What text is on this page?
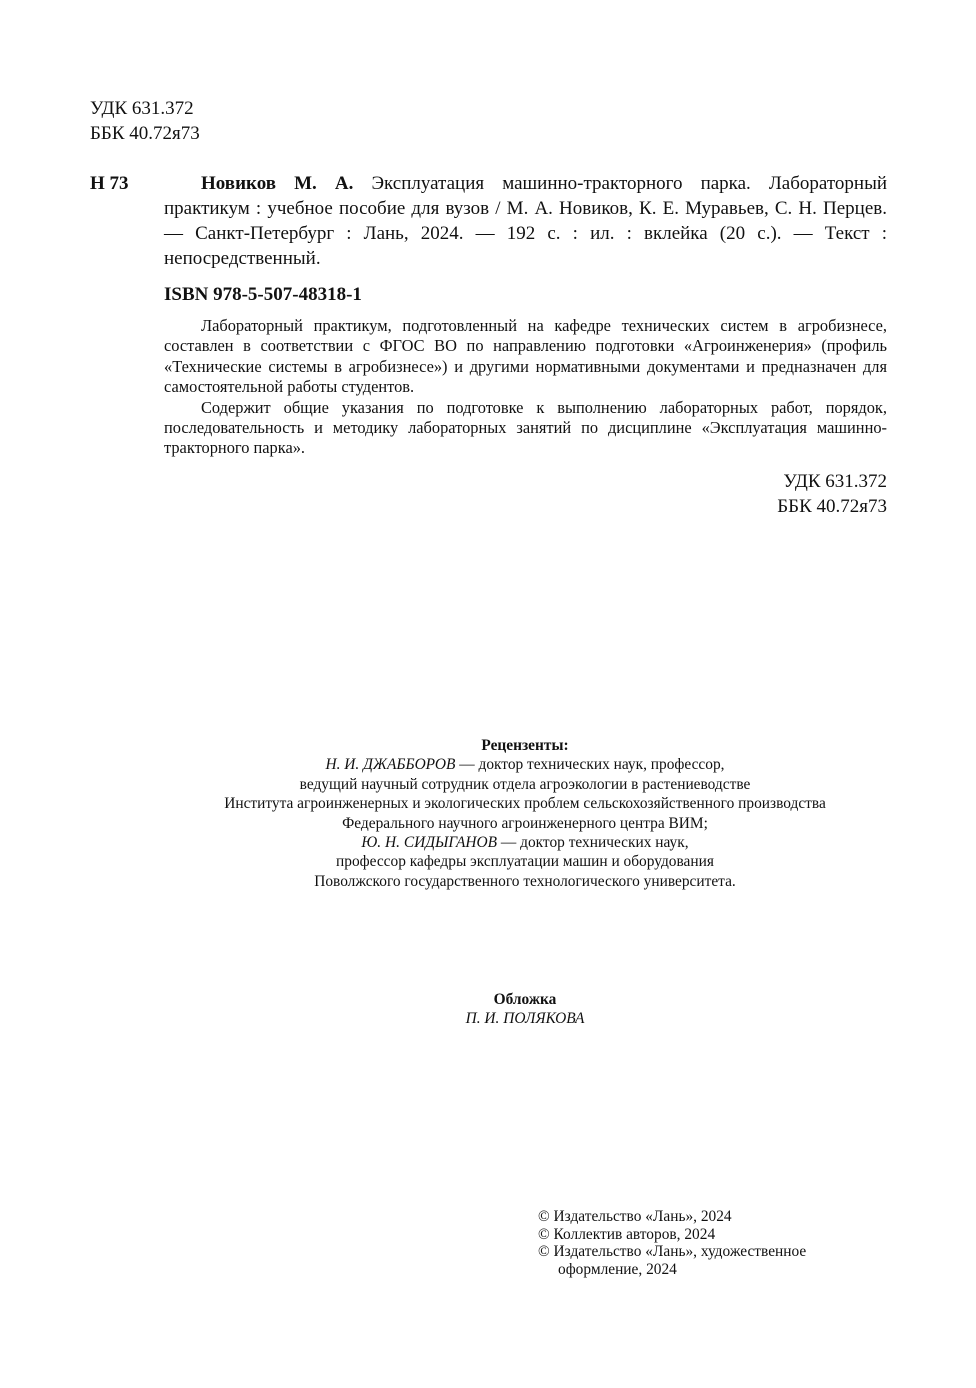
УДК 631.372
ББК 40.72я73
Н 73	Новиков М. А. Эксплуатация машинно-тракторного парка. Лабораторный практикум : учебное пособие для вузов / М. А. Новиков, К. Е. Муравьев, С. Н. Перцев. — Санкт-Петербург : Лань, 2024. — 192 с. : ил. : вклейка (20 с.). — Текст : непосредственный.

ISBN 978-5-507-48318-1

Лабораторный практикум, подготовленный на кафедре технических систем в агробизнесе, составлен в соответствии с ФГОС ВО по направлению подготовки «Агроинженерия» (профиль «Технические системы в агробизнесе») и другими нормативными документами и предназначен для самостоятельной работы студентов.

Содержит общие указания по подготовке к выполнению лабораторных работ, порядок, последовательность и методику лабораторных занятий по дисциплине «Эксплуатация машинно-тракторного парка».

УДК 631.372
ББК 40.72я73
Рецензенты:
Н. И. ДЖАББОРОВ — доктор технических наук, профессор,
ведущий научный сотрудник отдела агроэкологии в растениеводстве
Института агроинженерных и экологических проблем сельскохозяйственного производства
Федерального научного агроинженерного центра ВИМ;
Ю. Н. СИДЫГАНОВ — доктор технических наук,
профессор кафедры эксплуатации машин и оборудования
Поволжского государственного технологического университета.
Обложка
П. И. ПОЛЯКОВА
© Издательство «Лань», 2024
© Коллектив авторов, 2024
© Издательство «Лань», художественное
оформление, 2024
